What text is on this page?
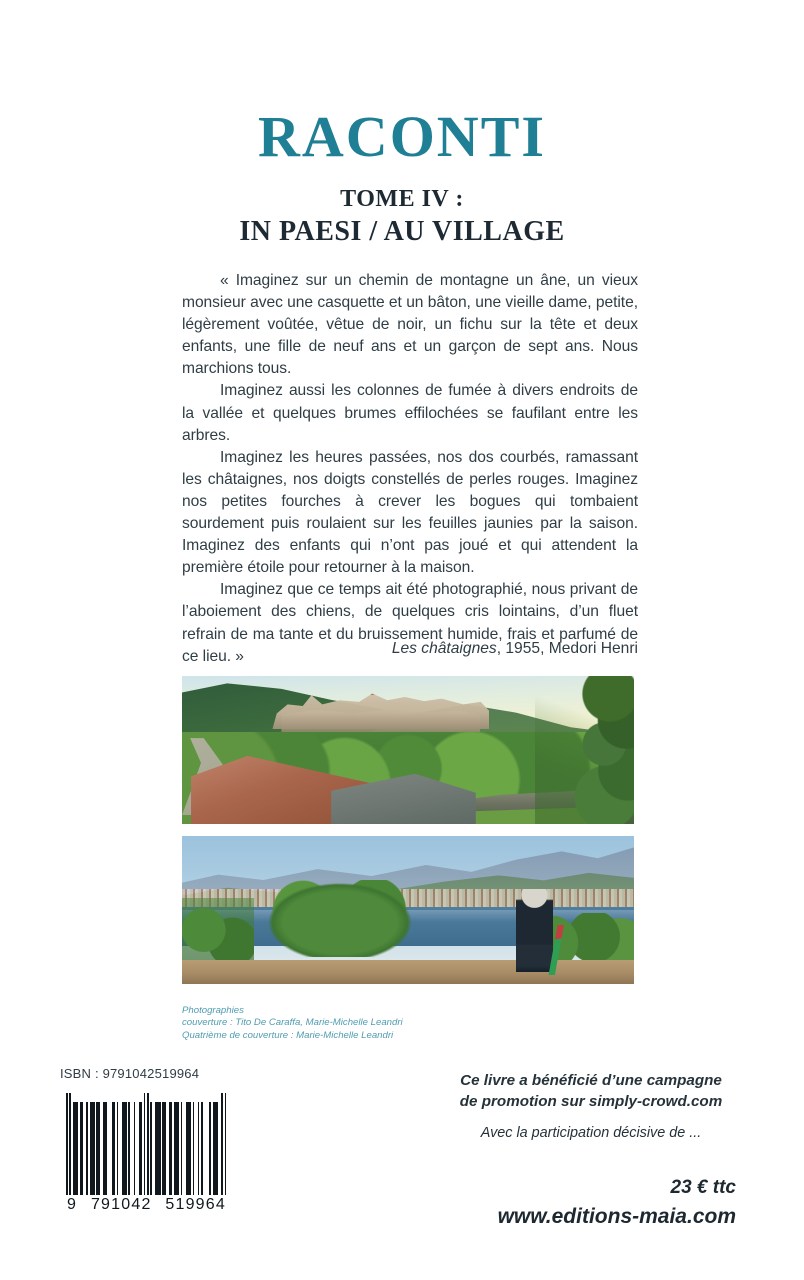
RACONTI
TOME IV :
IN PAESI / AU VILLAGE

« Imaginez sur un chemin de montagne un âne, un vieux monsieur avec une casquette et un bâton, une vieille dame, petite, légèrement voûtée, vêtue de noir, un fichu sur la tête et deux enfants, une fille de neuf ans et un garçon de sept ans. Nous marchions tous.

Imaginez aussi les colonnes de fumée à divers endroits de la vallée et quelques brumes effilochées se faufilant entre les arbres.

Imaginez les heures passées, nos dos courbés, ramassant les châtaignes, nos doigts constellés de perles rouges. Imaginez nos petites fourches à crever les bogues qui tombaient sourdement puis roulaient sur les feuilles jaunies par la saison. Imaginez des enfants qui n’ont pas joué et qui attendent la première étoile pour retourner à la maison.

Imaginez que ce temps ait été photographié, nous privant de l’aboiement des chiens, de quelques cris lointains, d’un fluet refrain de ma tante et du bruissement humide, frais et parfumé de ce lieu. »	Les châtaignes, 1955, Medori Henri
Photographies
couverture : Tito De Caraffa, Marie-Michelle Leandri
Quatrième de couverture : Marie-Michelle Leandri
ISBN : 9791042519964
9 791042 519964
Ce livre a bénéficié d’une campagne
de promotion sur simply-crowd.com
Avec la participation décisive de ...
23 € ttc
www.editions-maia.com
